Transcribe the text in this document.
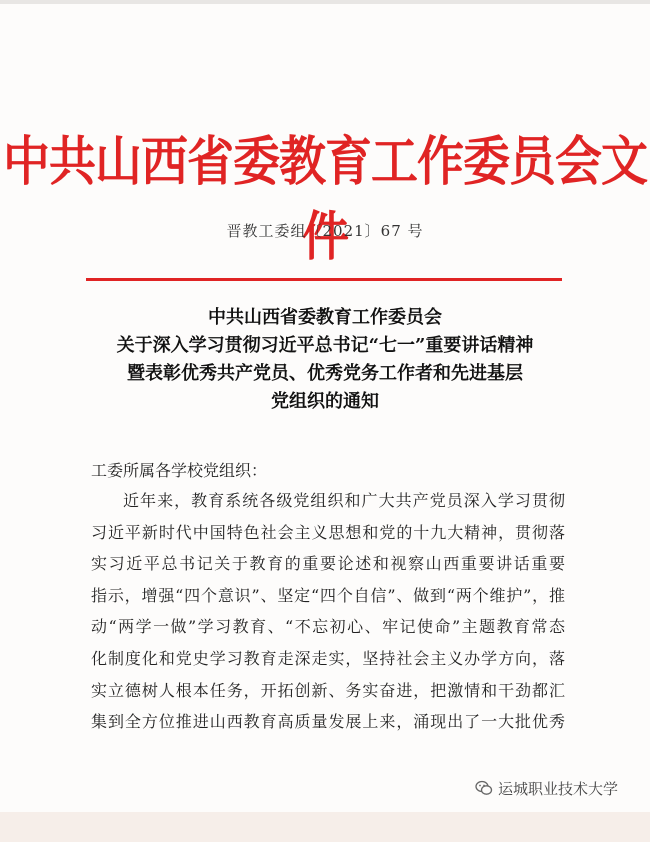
中共山西省委教育工作委员会文件
晋教工委组〔2021〕67 号
中共山西省委教育工作委员会
关于深入学习贯彻习近平总书记“七一”重要讲话精神
暨表彰优秀共产党员、优秀党务工作者和先进基层
党组织的通知
工委所属各学校党组织：
近年来，教育系统各级党组织和广大共产党员深入学习贯彻
习近平新时代中国特色社会主义思想和党的十九大精神，贯彻落
实习近平总书记关于教育的重要论述和视察山西重要讲话重要
指示，增强“四个意识”、坚定“四个自信”、做到“两个维护”，推
动“两学一做”学习教育、“不忘初心、牢记使命”主题教育常态
化制度化和党史学习教育走深走实，坚持社会主义办学方向，落
实立德树人根本任务，开拓创新、务实奋进，把激情和干劲都汇
集到全方位推进山西教育高质量发展上来，涌现出了一大批优秀
运城职业技术大学
